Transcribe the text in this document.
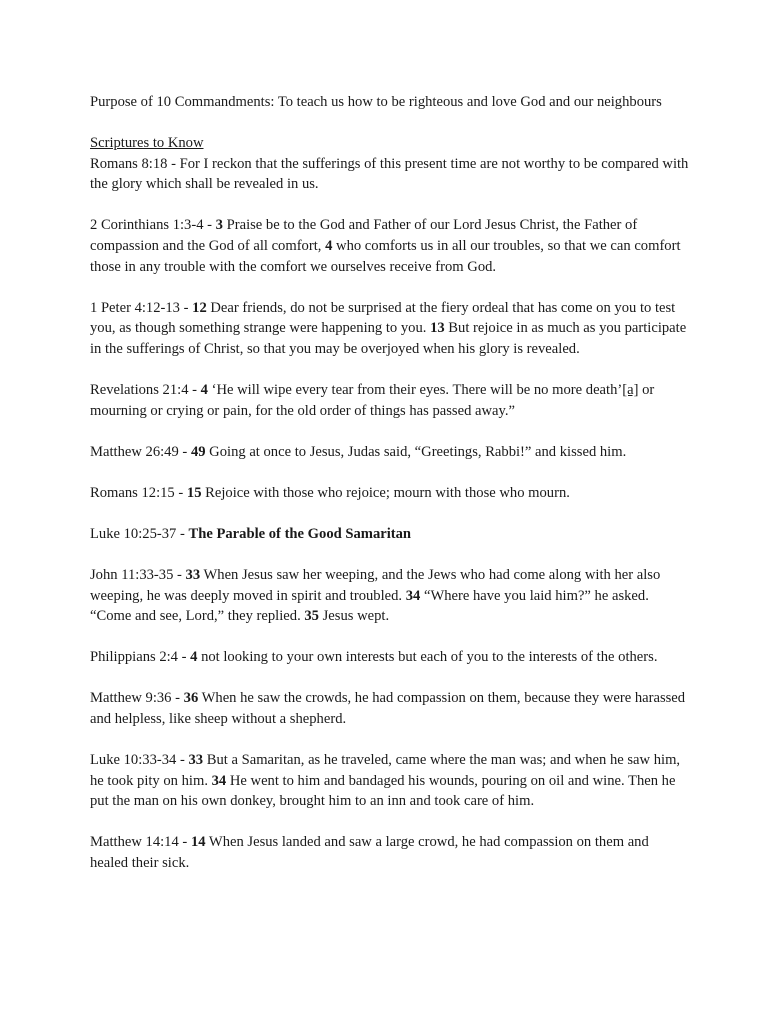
Purpose of 10 Commandments: To teach us how to be righteous and love God and our neighbours

Scriptures to Know

Romans 8:18 - For I reckon that the sufferings of this present time are not worthy to be compared with the glory which shall be revealed in us.

2 Corinthians 1:3-4 - 3 Praise be to the God and Father of our Lord Jesus Christ, the Father of compassion and the God of all comfort, 4 who comforts us in all our troubles, so that we can comfort those in any trouble with the comfort we ourselves receive from God.

1 Peter 4:12-13 - 12 Dear friends, do not be surprised at the fiery ordeal that has come on you to test you, as though something strange were happening to you. 13 But rejoice in as much as you participate in the sufferings of Christ, so that you may be overjoyed when his glory is revealed.

Revelations 21:4 - 4 ‘He will wipe every tear from their eyes. There will be no more death’[a] or mourning or crying or pain, for the old order of things has passed away.”

Matthew 26:49 - 49 Going at once to Jesus, Judas said, “Greetings, Rabbi!” and kissed him.

Romans 12:15 - 15 Rejoice with those who rejoice; mourn with those who mourn.

Luke 10:25-37 - The Parable of the Good Samaritan

John 11:33-35 - 33 When Jesus saw her weeping, and the Jews who had come along with her also weeping, he was deeply moved in spirit and troubled. 34 “Where have you laid him?” he asked. “Come and see, Lord,” they replied. 35 Jesus wept.

Philippians 2:4 - 4 not looking to your own interests but each of you to the interests of the others.

Matthew 9:36 - 36 When he saw the crowds, he had compassion on them, because they were harassed and helpless, like sheep without a shepherd.

Luke 10:33-34 - 33 But a Samaritan, as he traveled, came where the man was; and when he saw him, he took pity on him. 34 He went to him and bandaged his wounds, pouring on oil and wine. Then he put the man on his own donkey, brought him to an inn and took care of him.

Matthew 14:14 - 14 When Jesus landed and saw a large crowd, he had compassion on them and healed their sick.
